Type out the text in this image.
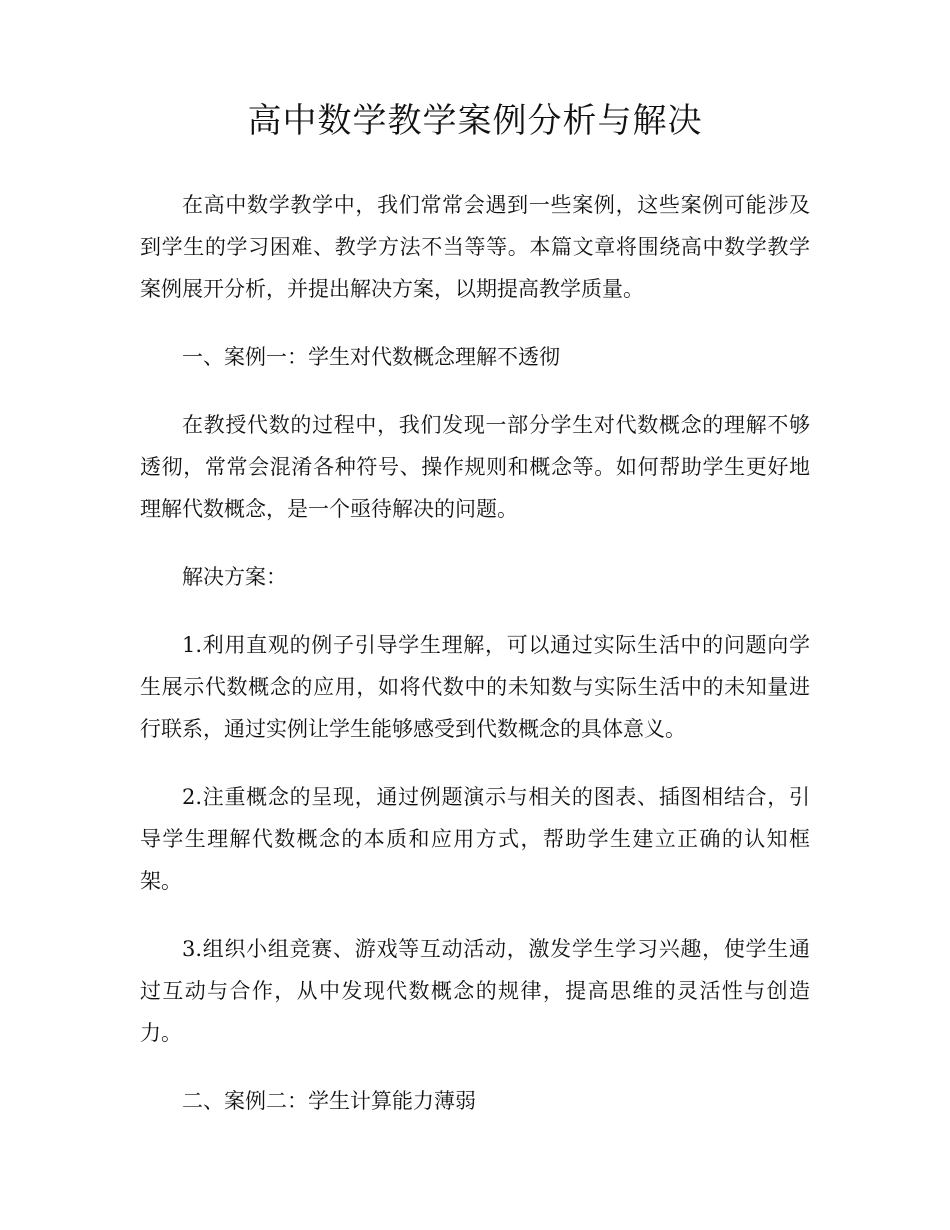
高中数学教学案例分析与解决

在高中数学教学中，我们常常会遇到一些案例，这些案例可能涉及到学生的学习困难、教学方法不当等等。本篇文章将围绕高中数学教学案例展开分析，并提出解决方案，以期提高教学质量。

一、案例一：学生对代数概念理解不透彻

在教授代数的过程中，我们发现一部分学生对代数概念的理解不够透彻，常常会混淆各种符号、操作规则和概念等。如何帮助学生更好地理解代数概念，是一个亟待解决的问题。

解决方案：

1.利用直观的例子引导学生理解，可以通过实际生活中的问题向学生展示代数概念的应用，如将代数中的未知数与实际生活中的未知量进行联系，通过实例让学生能够感受到代数概念的具体意义。

2.注重概念的呈现，通过例题演示与相关的图表、插图相结合，引导学生理解代数概念的本质和应用方式，帮助学生建立正确的认知框架。

3.组织小组竞赛、游戏等互动活动，激发学生学习兴趣，使学生通过互动与合作，从中发现代数概念的规律，提高思维的灵活性与创造力。

二、案例二：学生计算能力薄弱
